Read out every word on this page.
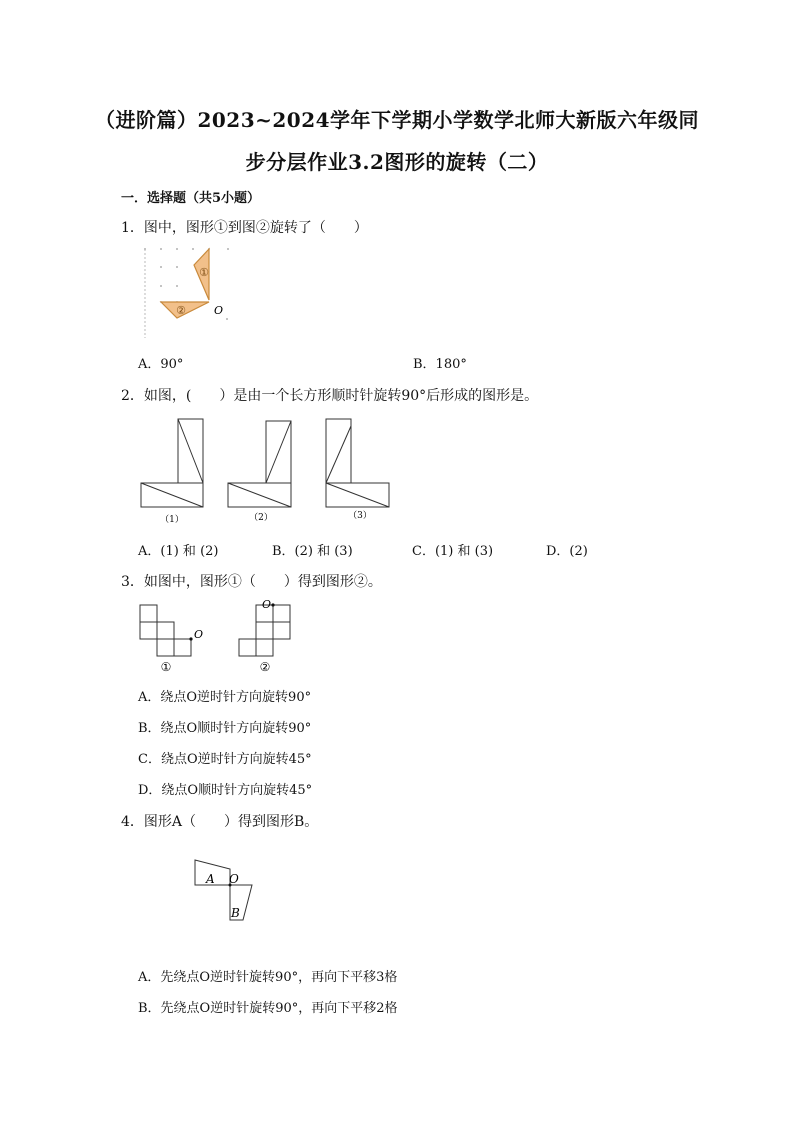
（进阶篇）2023~2024学年下学期小学数学北师大新版六年级同
步分层作业3.2图形的旋转（二）
一．选择题（共5小题）
1．图中，图形①到图②旋转了（　　）
①
②	O
A．90°	B．180°
2．如图，(　　）是由一个长方形顺时针旋转90°后形成的图形是。
（1）	（2）	（3）
A．(1) 和 (2)	B．(2) 和 (3)	C．(1) 和 (3)	D．(2)
3．如图中，图形①（　　）得到图形②。
O
O
①	②
A．绕点O逆时针方向旋转90°
B．绕点O顺时针方向旋转90°
C．绕点O逆时针方向旋转45°
D．绕点O顺时针方向旋转45°
4．图形A（　　）得到图形B。
A O
B
A．先绕点O逆时针旋转90°，再向下平移3格
B．先绕点O逆时针旋转90°，再向下平移2格
